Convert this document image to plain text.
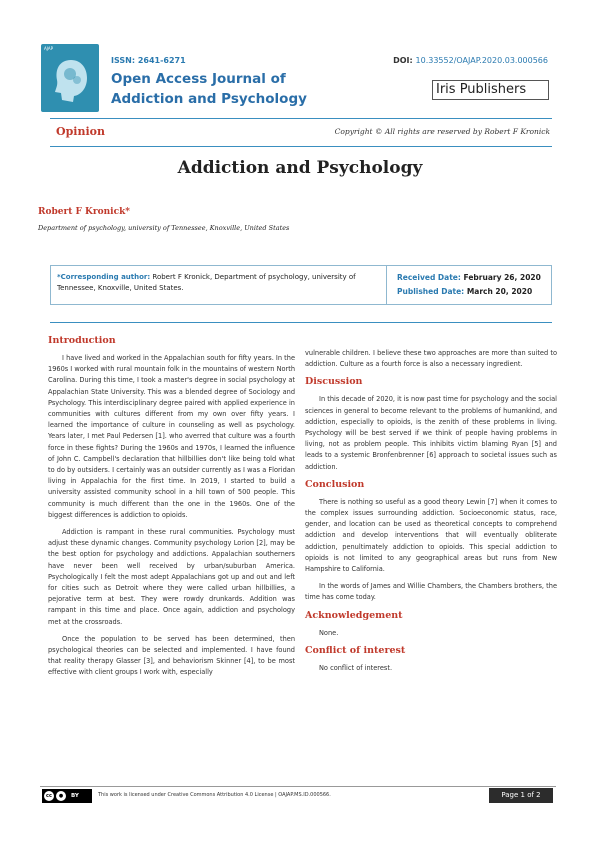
AJAP
ISSN: 2641-6271
Open Access Journal of
Addiction and Psychology
DOI: 10.33552/OAJAP.2020.03.000566
Iris Publishers
Opinion	Copyright © All rights are reserved by Robert F Kronick
Addiction and Psychology
Robert F Kronick*
Department of psychology, university of Tennessee, Knoxville, United States
*Corresponding author: Robert F Kronick, Department of psychology, university of Tennessee, Knoxville, United States.
Received Date: February 26, 2020
Published Date: March 20, 2020
Introduction

I have lived and worked in the Appalachian south for fifty years. In the 1960s I worked with rural mountain folk in the mountains of western North Carolina. During this time, I took a master's degree in social psychology at Appalachian State University. This was a blended degree of Sociology and Psychology. This interdisciplinary degree paired with applied experience in communities with cultures different from my own over fifty years. I learned the importance of culture in counseling as well as psychology. Years later, I met Paul Pedersen [1]. who averred that culture was a fourth force in these fights? During the 1960s and 1970s, I learned the influence of John C. Campbell's declaration that hillbillies don't like being told what to do by outsiders. I certainly was an outsider currently as I was a Floridan living in Appalachia for the first time. In 2019, I started to build a university assisted community school in a hill town of 500 people. This community is much different than the one in the 1960s. One of the biggest differences is addiction to opioids.

Addiction is rampant in these rural communities. Psychology must adjust these dynamic changes. Community psychology Lorion [2], may be the best option for psychology and addictions. Appalachian southerners have never been well received by urban/suburban America. Psychologically I felt the most adept Appalachians got up and out and left for cities such as Detroit where they were called urban hillbillies, a pejorative term at best. They were rowdy drunkards. Addition was rampant in this time and place. Once again, addiction and psychology met at the crossroads.

Once the population to be served has been determined, then psychological theories can be selected and implemented. I have found that reality therapy Glasser [3], and behaviorism Skinner [4], to be most effective with client groups I work with, especially

vulnerable children. I believe these two approaches are more than suited to addiction. Culture as a fourth force is also a necessary ingredient.

Discussion

In this decade of 2020, it is now past time for psychology and the social sciences in general to become relevant to the problems of humankind, and addiction, especially to opioids, is the zenith of these problems in living. Psychology will be best served if we think of people having problems in living, not as problem people. This inhibits victim blaming Ryan [5] and leads to a systemic Bronfenbrenner [6] approach to societal issues such as addiction.

Conclusion

There is nothing so useful as a good theory Lewin [7] when it comes to the complex issues surrounding addiction. Socioeconomic status, race, gender, and location can be used as theoretical concepts to comprehend addiction and develop interventions that will eventually obliterate addiction, penultimately addiction to opioids. This special addiction to opioids is not limited to any geographical areas but runs from New Hampshire to California.

In the words of James and Willie Chambers, the Chambers brothers, the time has come today.

Acknowledgement

None.

Conflict of interest

No conflict of interest.

cc	●	BY	This work is licensed under Creative Commons Attribution 4.0 License | OAJAP.MS.ID.000566.	Page 1 of 2
